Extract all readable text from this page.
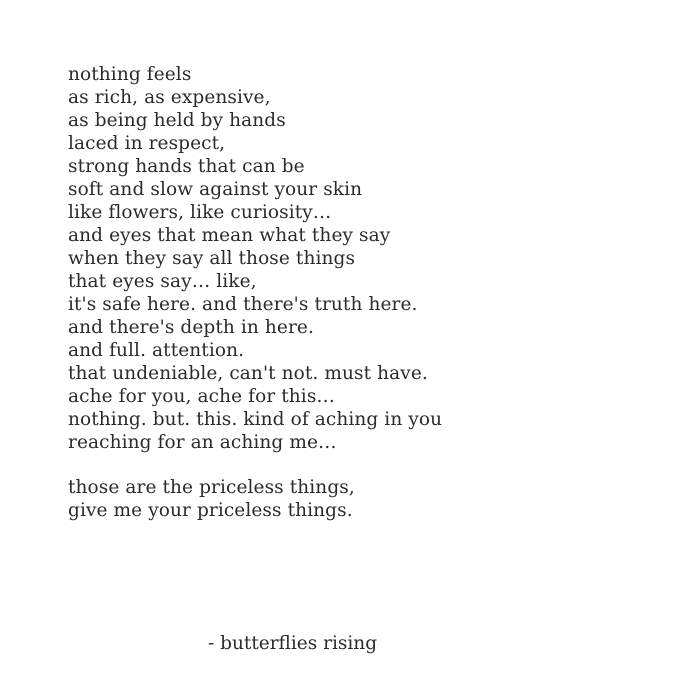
nothing feels
as rich, as expensive,
as being held by hands
laced in respect,
strong hands that can be
soft and slow against your skin
like flowers, like curiosity…
and eyes that mean what they say
when they say all those things
that eyes say… like,
it's safe here. and there's truth here.
and there's depth in here.
and full. attention.
that undeniable, can't not. must have.
ache for you, ache for this…
nothing. but. this. kind of aching in you
reaching for an aching me…
those are the priceless things,
give me your priceless things.
- butterflies rising
